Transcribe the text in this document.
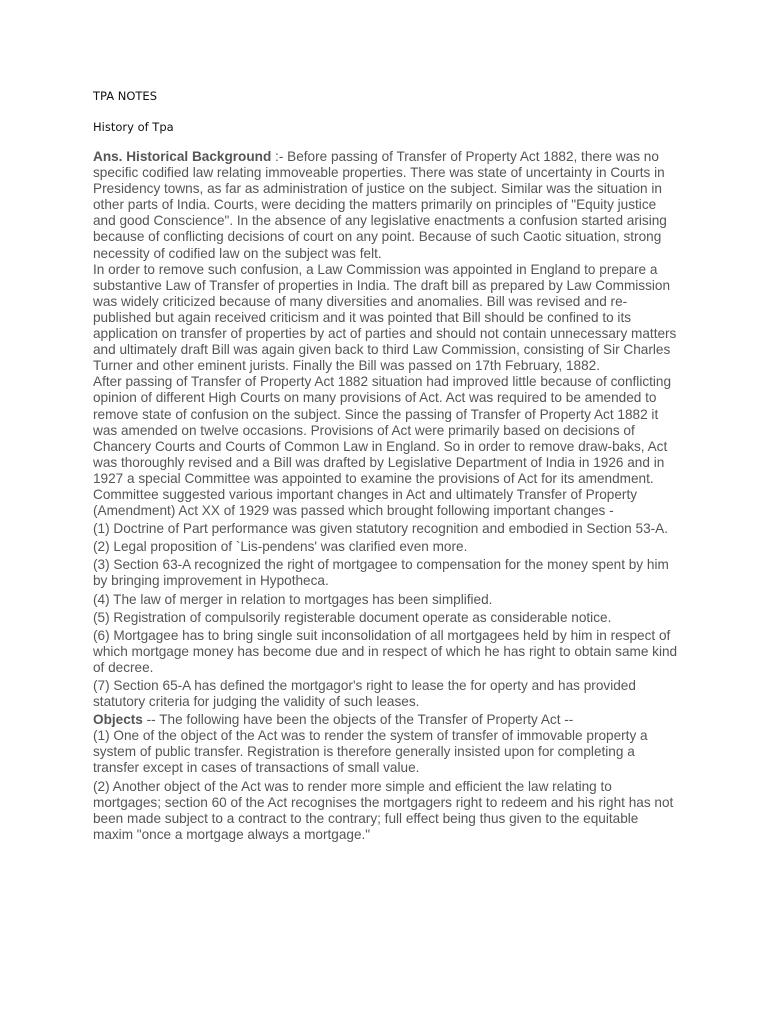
TPA NOTES
History of Tpa

Ans. Historical Background :- Before passing of Transfer of Property Act 1882, there was no specific codified law relating immoveable properties. There was state of uncertainty in Courts in Presidency towns, as far as administration of justice on the subject. Similar was the situation in other parts of India. Courts, were deciding the matters primarily on principles of "Equity justice and good Conscience". In the absence of any legislative enactments a confusion started arising because of conflicting decisions of court on any point. Because of such Caotic situation, strong necessity of codified law on the subject was felt.

In order to remove such confusion, a Law Commission was appointed in England to prepare a substantive Law of Transfer of properties in India. The draft bill as prepared by Law Commission was widely criticized because of many diversities and anomalies. Bill was revised and re-published but again received criticism and it was pointed that Bill should be confined to its application on transfer of properties by act of parties and should not contain unnecessary matters and ultimately draft Bill was again given back to third Law Commission, consisting of Sir Charles Turner and other eminent jurists. Finally the Bill was passed on 17th February, 1882.

After passing of Transfer of Property Act 1882 situation had improved little because of conflicting opinion of different High Courts on many provisions of Act. Act was required to be amended to remove state of confusion on the subject. Since the passing of Transfer of Property Act 1882 it was amended on twelve occasions. Provisions of Act were primarily based on decisions of Chancery Courts and Courts of Common Law in England. So in order to remove draw-baks, Act was thoroughly revised and a Bill was drafted by Legislative Department of India in 1926 and in 1927 a special Committee was appointed to examine the provisions of Act for its amendment. Committee suggested various important changes in Act and ultimately Transfer of Property (Amendment) Act XX of 1929 was passed which brought following important changes -

(1) Doctrine of Part performance was given statutory recognition and embodied in Section 53-A.

(2) Legal proposition of `Lis-pendens' was clarified even more.

(3) Section 63-A recognized the right of mortgagee to compensation for the money spent by him by bringing improvement in Hypotheca.

(4) The law of merger in relation to mortgages has been simplified.

(5) Registration of compulsorily registerable document operate as considerable notice.

(6) Mortgagee has to bring single suit inconsolidation of all mortgagees held by him in respect of which mortgage money has become due and in respect of which he has right to obtain same kind of decree.

(7) Section 65-A has defined the mortgagor's right to lease the for operty and has provided statutory criteria for judging the validity of such leases.

Objects -- The following have been the objects of the Transfer of Property Act --

(1) One of the object of the Act was to render the system of transfer of immovable property a system of public transfer. Registration is therefore generally insisted upon for completing a transfer except in cases of transactions of small value.

(2) Another object of the Act was to render more simple and efficient the law relating to mortgages; section 60 of the Act recognises the mortgagers right to redeem and his right has not been made subject to a contract to the contrary; full effect being thus given to the equitable maxim "once a mortgage always a mortgage."
